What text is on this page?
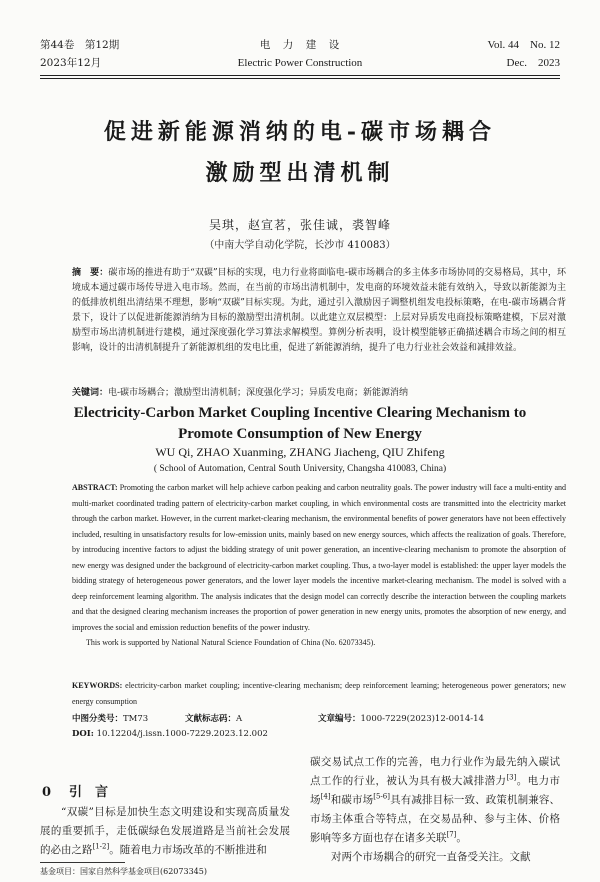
第44卷　第12期
2023年12月
电　力　建　设
Electric Power Construction
Vol. 44　No. 12
Dec.　2023
促进新能源消纳的电-碳市场耦合
激励型出清机制
吴琪，赵宣茗，张佳诚，裘智峰
（中南大学自动化学院，长沙市 410083）

摘　要：碳市场的推进有助于“双碳”目标的实现，电力行业将面临电-碳市场耦合的多主体多市场协同的交易格局，其中，环境成本通过碳市场传导进入电市场。然而，在当前的市场出清机制中，发电商的环境效益未能有效纳入，导致以新能源为主的低排放机组出清结果不理想，影响“双碳”目标实现。为此，通过引入激励因子调整机组发电投标策略，在电-碳市场耦合背景下，设计了以促进新能源消纳为目标的激励型出清机制。以此建立双层模型：上层对异质发电商投标策略建模，下层对激励型市场出清机制进行建模，通过深度强化学习算法求解模型。算例分析表明，设计模型能够正确描述耦合市场之间的相互影响，设计的出清机制提升了新能源机组的发电比重，促进了新能源消纳，提升了电力行业社会效益和减排效益。

关键词：电-碳市场耦合；激励型出清机制；深度强化学习；异质发电商；新能源消纳

Electricity-Carbon Market Coupling Incentive Clearing Mechanism to
Promote Consumption of New Energy
WU Qi, ZHAO Xuanming, ZHANG Jiacheng, QIU Zhifeng
( School of Automation, Central South University, Changsha 410083, China)

ABSTRACT: Promoting the carbon market will help achieve carbon peaking and carbon neutrality goals. The power industry will face a multi-entity and multi-market coordinated trading pattern of electricity-carbon market coupling, in which environmental costs are transmitted into the electricity market through the carbon market. However, in the current market-clearing mechanism, the environmental benefits of power generators have not been effectively included, resulting in unsatisfactory results for low-emission units, mainly based on new energy sources, which affects the realization of goals. Therefore, by introducing incentive factors to adjust the bidding strategy of unit power generation, an incentive-clearing mechanism to promote the absorption of new energy was designed under the background of electricity-carbon market coupling. Thus, a two-layer model is established: the upper layer models the bidding strategy of heterogeneous power generators, and the lower layer models the incentive market-clearing mechanism. The model is solved with a deep reinforcement learning algorithm. The analysis indicates that the design model can correctly describe the interaction between the coupling markets and that the designed clearing mechanism increases the proportion of power generation in new energy units, promotes the absorption of new energy, and improves the social and emission reduction benefits of the power industry.
This work is supported by National Natural Science Foundation of China (No. 62073345).

KEYWORDS: electricity-carbon market coupling; incentive-clearing mechanism; deep reinforcement learning; heterogeneous power generators; new energy consumption

中图分类号：TM73	文献标志码：A	文章编号：1000-7229(2023)12-0014-14
DOI: 10.12204/j.issn.1000-7229.2023.12.002
0 引　言

“双碳”目标是加快生态文明建设和实现高质量发展的重要抓手，走低碳绿色发展道路是当前社会发展的必由之路[1-2]。随着电力市场改革的不断推进和

碳交易试点工作的完善，电力行业作为最先纳入碳试点工作的行业，被认为具有极大减排潜力[3]。电力市场[4]和碳市场[5-6]具有减排目标一致、政策机制兼容、市场主体重合等特点，在交易品种、参与主体、价格影响等多方面也存在诸多关联[7]。
对两个市场耦合的研究一直备受关注。文献

基金项目：国家自然科学基金项目(62073345)
